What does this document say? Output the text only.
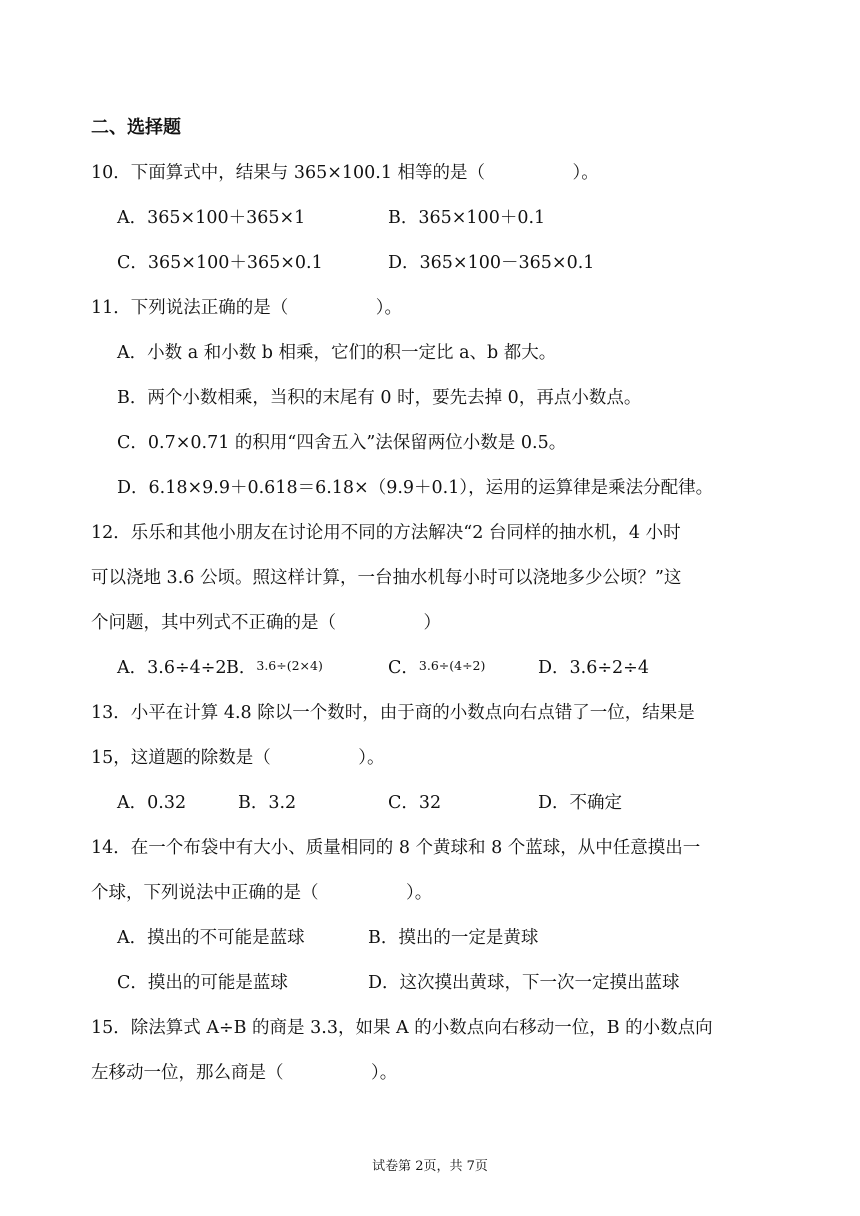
二、选择题
10．下面算式中，结果与 365×100.1 相等的是（　　　　　）。
A．365×100＋365×1	B．365×100＋0.1
C．365×100＋365×0.1	D．365×100－365×0.1
11．下列说法正确的是（　　　　　）。
A．小数 a 和小数 b 相乘，它们的积一定比 a、b 都大。
B．两个小数相乘，当积的末尾有 0 时，要先去掉 0，再点小数点。
C．0.7×0.71 的积用“四舍五入”法保留两位小数是 0.5。
D．6.18×9.9＋0.618＝6.18×（9.9＋0.1），运用的运算律是乘法分配律。
12．乐乐和其他小朋友在讨论用不同的方法解决“2 台同样的抽水机，4 小时
可以浇地 3.6 公顷。照这样计算，一台抽水机每小时可以浇地多少公顷？”这
个问题，其中列式不正确的是（　　　　　）
A．3.6÷4÷2 B．3.6÷(2×4)	C．3.6÷(4÷2)	D．3.6÷2÷4
13．小平在计算 4.8 除以一个数时，由于商的小数点向右点错了一位，结果是
15，这道题的除数是（　　　　　）。
A．0.32	B．3.2	C．32	D．不确定
14．在一个布袋中有大小、质量相同的 8 个黄球和 8 个蓝球，从中任意摸出一
个球，下列说法中正确的是（　　　　　）。
A．摸出的不可能是蓝球	B．摸出的一定是黄球
C．摸出的可能是蓝球	D．这次摸出黄球，下一次一定摸出蓝球
15．除法算式 A÷B 的商是 3.3，如果 A 的小数点向右移动一位，B 的小数点向
左移动一位，那么商是（　　　　　）。
试卷第 2页，共 7页
